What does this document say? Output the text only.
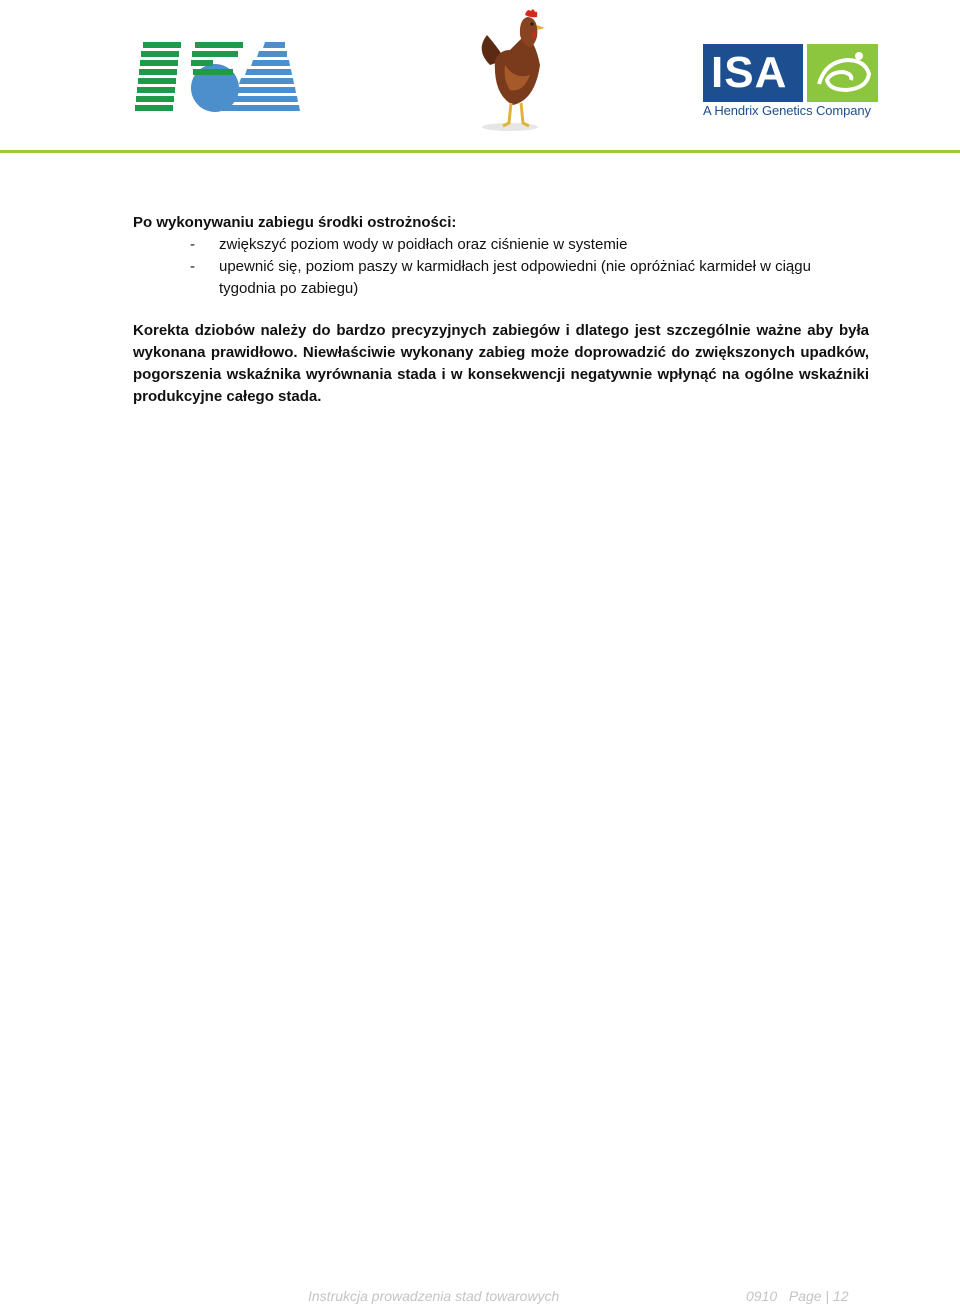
ISA
ISA
A Hendrix Genetics Company

Po wykonywaniu zabiegu środki ostrożności:

- zwiększyć poziom wody w poidłach oraz ciśnienie w systemie
- upewnić się, poziom paszy w karmidłach jest odpowiedni (nie opróżniać karmideł w ciągu tygodnia po zabiegu)

Korekta dziobów należy do bardzo precyzyjnych zabiegów i dlatego jest szczególnie ważne aby była wykonana prawidłowo. Niewłaściwie wykonany zabieg może doprowadzić do zwiększonych upadków, pogorszenia wskaźnika wyrównania stada i w konsekwencji negatywnie wpłynąć na ogólne wskaźniki produkcyjne całego stada.

Instrukcja prowadzenia stad towarowych	0910 Page | 12
